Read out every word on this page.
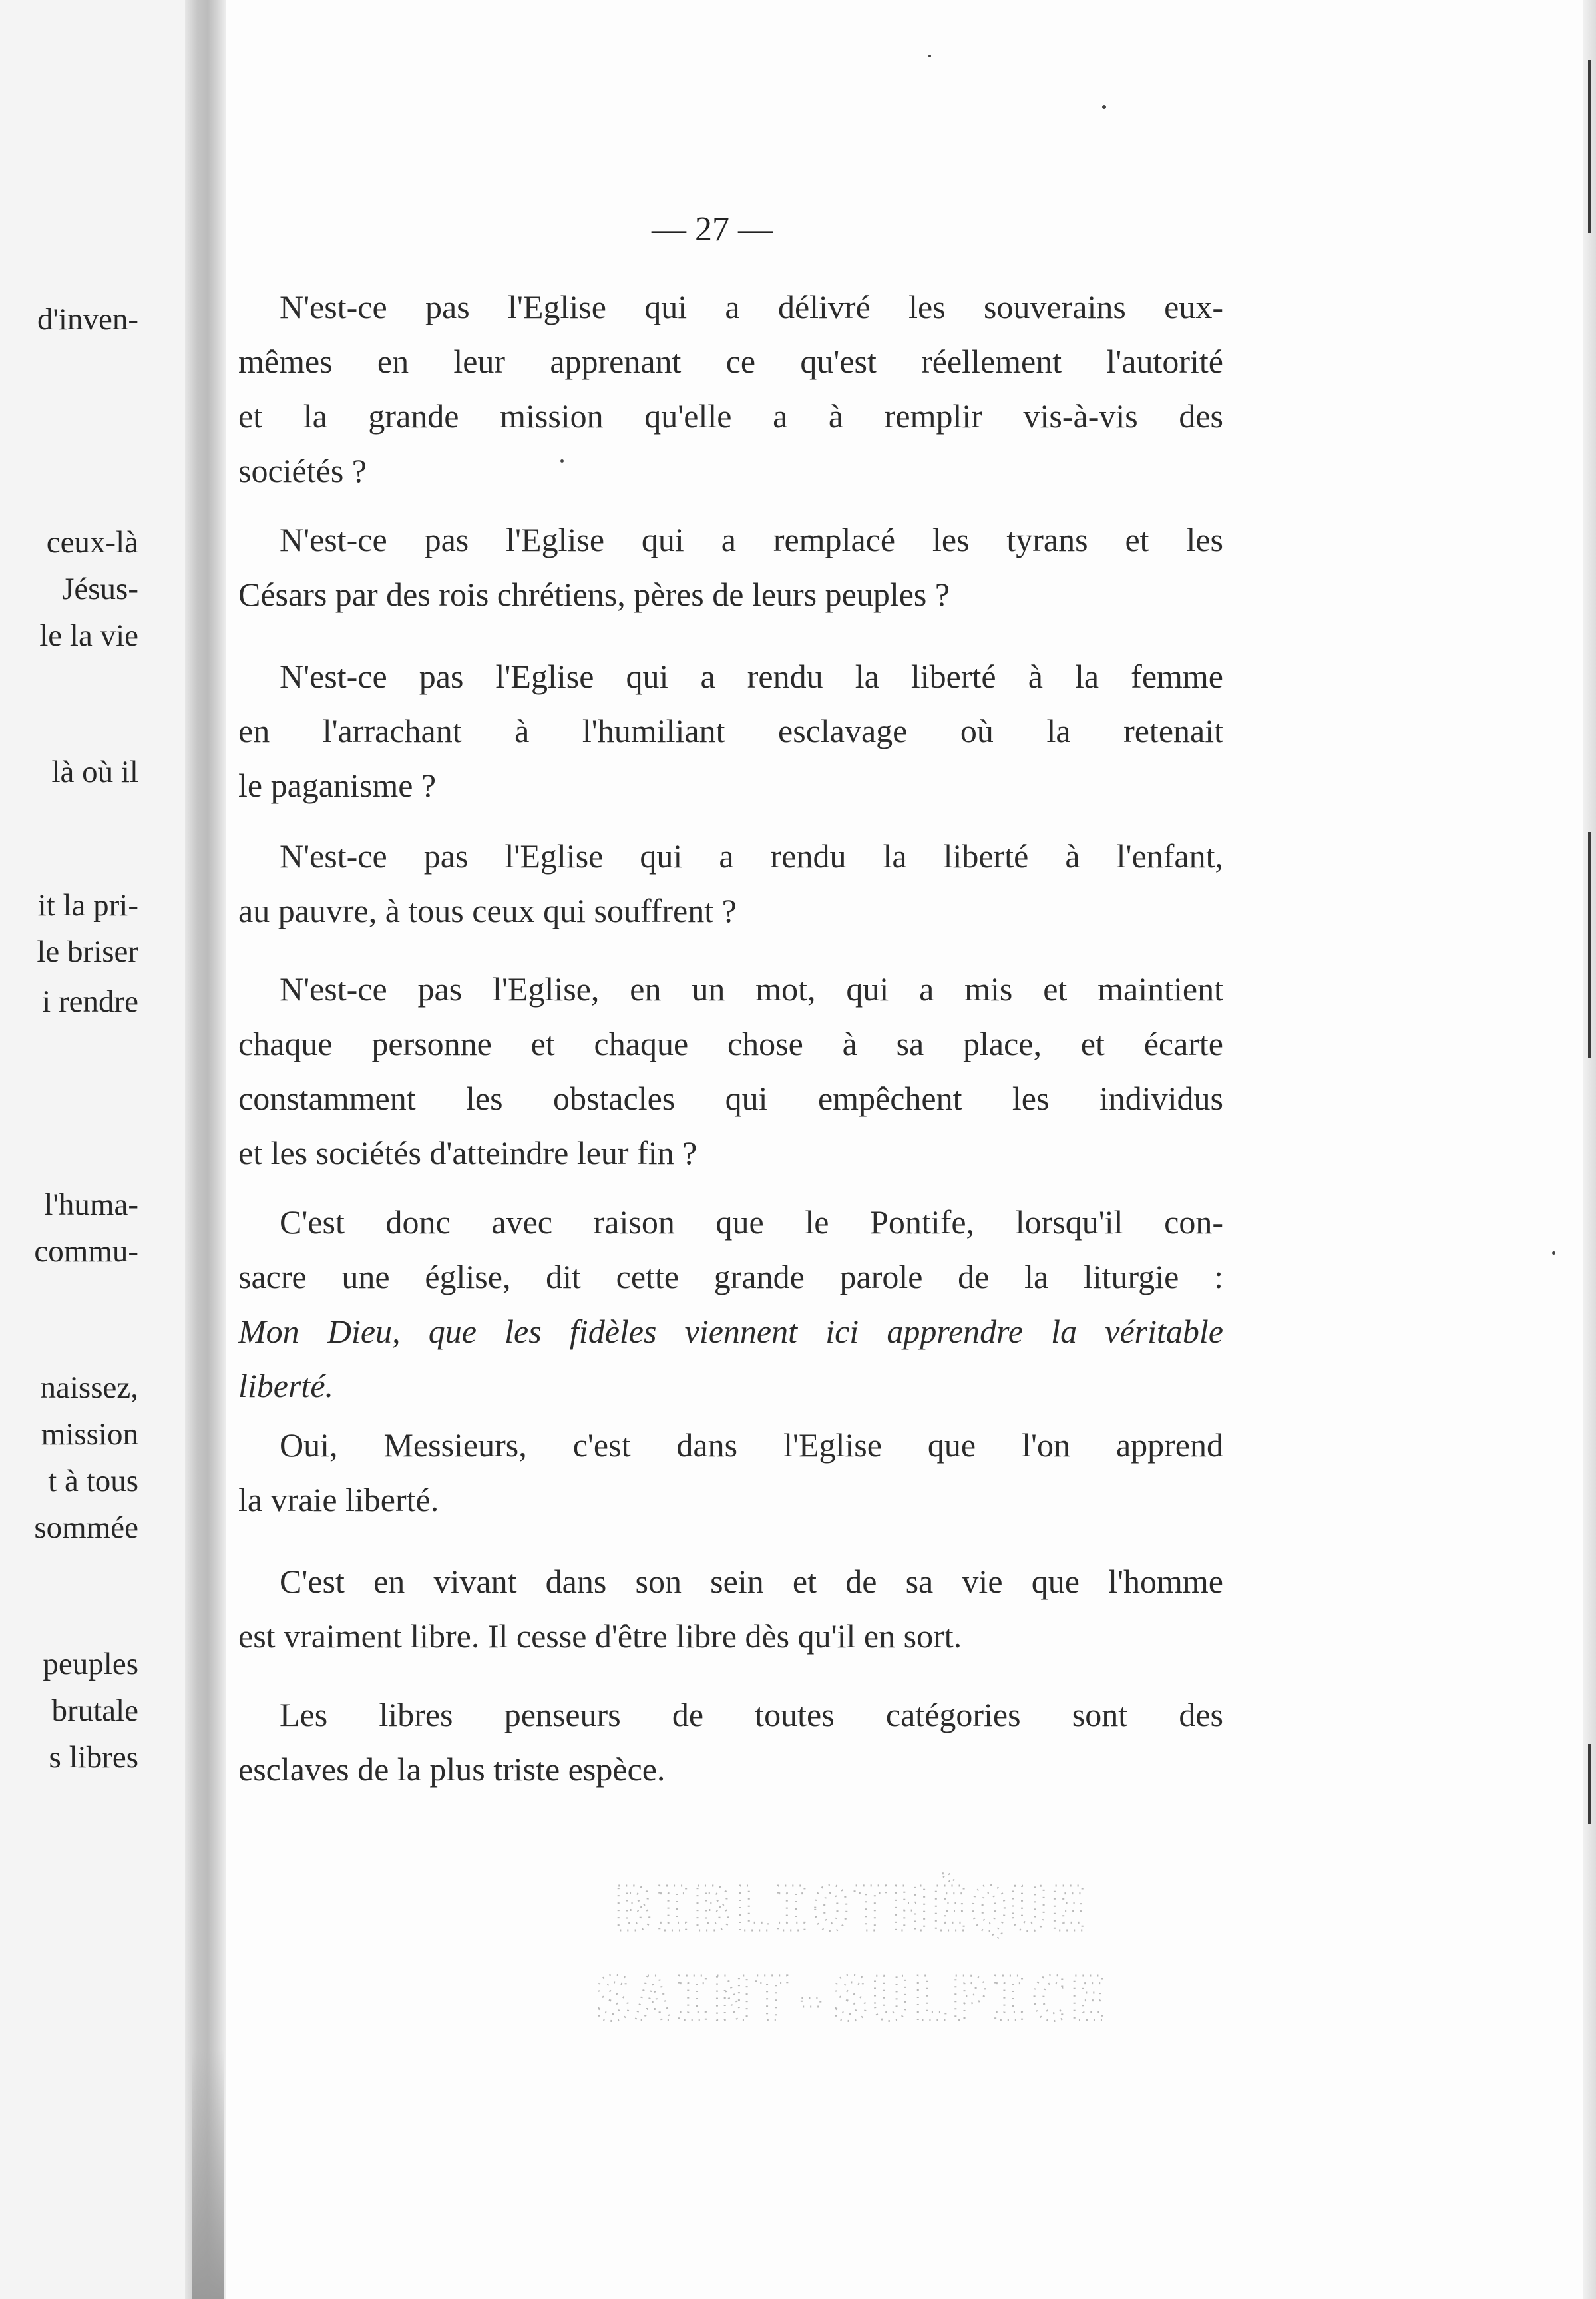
d'inven-
ceux-là
Jésus-
le la vie
là où il
it la pri-
le briser
i rendre
l'huma-
commu-
naissez,
mission
t à tous
sommée
peuples
brutale
s libres
— 27 —
N'est-ce pas l'Eglise qui a délivré les souverains eux-
mêmes en leur apprenant ce qu'est réellement l'autorité
et la grande mission qu'elle a à remplir vis-à-vis des
sociétés ?
N'est-ce pas l'Eglise qui a remplacé les tyrans et les
Césars par des rois chrétiens, pères de leurs peuples ?
N'est-ce pas l'Eglise qui a rendu la liberté à la femme
en l'arrachant à l'humiliant esclavage où la retenait
le paganisme ?
N'est-ce pas l'Eglise qui a rendu la liberté à l'enfant,
au pauvre, à tous ceux qui souffrent ?
N'est-ce pas l'Eglise, en un mot, qui a mis et maintient
chaque personne et chaque chose à sa place, et écarte
constamment les obstacles qui empêchent les individus
et les sociétés d'atteindre leur fin ?
C'est donc avec raison que le Pontife, lorsqu'il con-
sacre une église, dit cette grande parole de la liturgie :
Mon Dieu, que les fidèles viennent ici apprendre la véritable
liberté.
Oui, Messieurs, c'est dans l'Eglise que l'on apprend
la vraie liberté.
C'est en vivant dans son sein et de sa vie que l'homme
est vraiment libre. Il cesse d'être libre dès qu'il en sort.
Les libres penseurs de toutes catégories sont des
esclaves de la plus triste espèce.
BIBLIOTHÈQUE
SAINT-SULPICE
